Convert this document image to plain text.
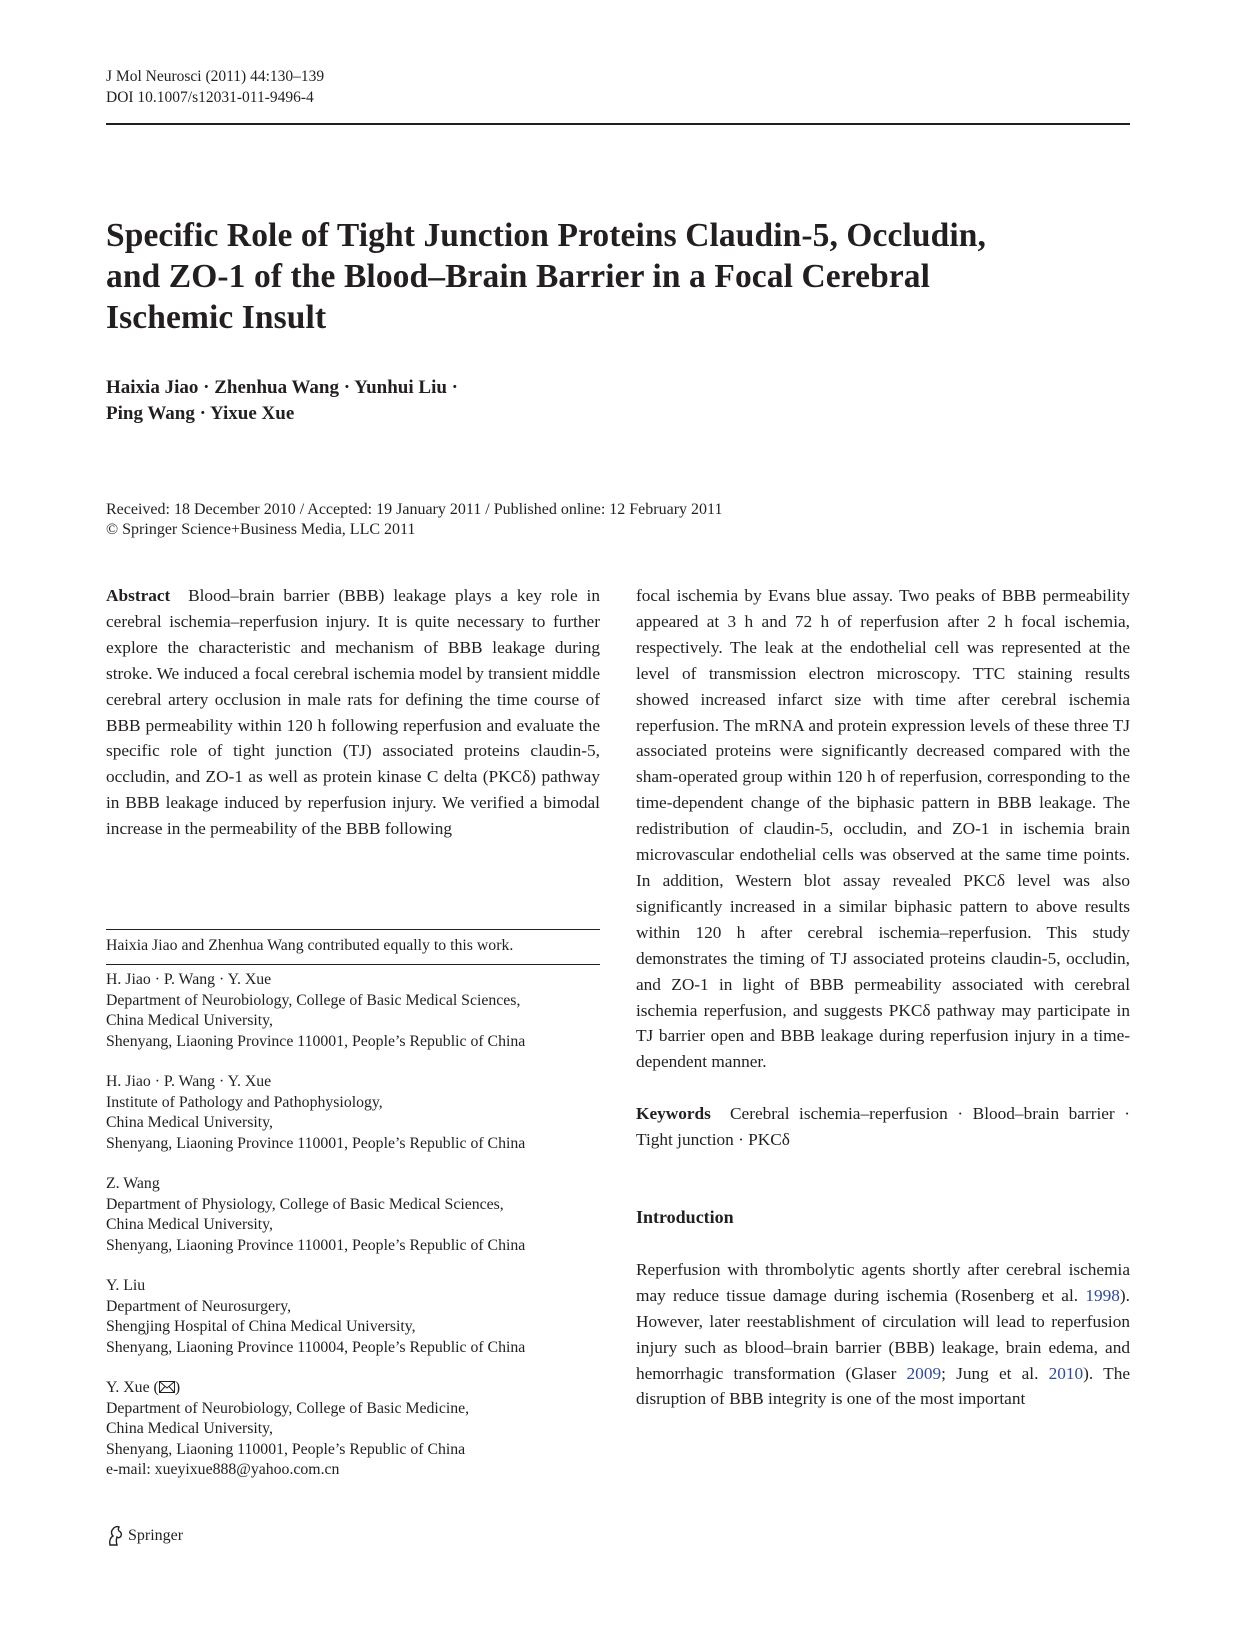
J Mol Neurosci (2011) 44:130–139
DOI 10.1007/s12031-011-9496-4
Specific Role of Tight Junction Proteins Claudin-5, Occludin,
and ZO-1 of the Blood–Brain Barrier in a Focal Cerebral
Ischemic Insult
Haixia Jiao · Zhenhua Wang · Yunhui Liu ·
Ping Wang · Yixue Xue
Received: 18 December 2010 / Accepted: 19 January 2011 / Published online: 12 February 2011
© Springer Science+Business Media, LLC 2011

Abstract Blood–brain barrier (BBB) leakage plays a key role in cerebral ischemia–reperfusion injury. It is quite necessary to further explore the characteristic and mechanism of BBB leakage during stroke. We induced a focal cerebral ischemia model by transient middle cerebral artery occlusion in male rats for defining the time course of BBB permeability within 120 h following reperfusion and evaluate the specific role of tight junction (TJ) associated proteins claudin-5, occludin, and ZO-1 as well as protein kinase C delta (PKCδ) pathway in BBB leakage induced by reperfusion injury. We verified a bimodal increase in the permeability of the BBB following

Haixia Jiao and Zhenhua Wang contributed equally to this work.
H. Jiao · P. Wang · Y. Xue
Department of Neurobiology, College of Basic Medical Sciences,
China Medical University,
Shenyang, Liaoning Province 110001, People’s Republic of China
H. Jiao · P. Wang · Y. Xue
Institute of Pathology and Pathophysiology,
China Medical University,
Shenyang, Liaoning Province 110001, People’s Republic of China
Z. Wang
Department of Physiology, College of Basic Medical Sciences,
China Medical University,
Shenyang, Liaoning Province 110001, People’s Republic of China
Y. Liu
Department of Neurosurgery,
Shengjing Hospital of China Medical University,
Shenyang, Liaoning Province 110004, People’s Republic of China
Y. Xue ( )
Department of Neurobiology, College of Basic Medicine,
China Medical University,
Shenyang, Liaoning 110001, People’s Republic of China
e-mail: xueyixue888@yahoo.com.cn

focal ischemia by Evans blue assay. Two peaks of BBB permeability appeared at 3 h and 72 h of reperfusion after 2 h focal ischemia, respectively. The leak at the endothelial cell was represented at the level of transmission electron microscopy. TTC staining results showed increased infarct size with time after cerebral ischemia reperfusion. The mRNA and protein expression levels of these three TJ associated proteins were significantly decreased compared with the sham-operated group within 120 h of reperfusion, corresponding to the time-dependent change of the biphasic pattern in BBB leakage. The redistribution of claudin-5, occludin, and ZO-1 in ischemia brain microvascular endothelial cells was observed at the same time points. In addition, Western blot assay revealed PKCδ level was also significantly increased in a similar biphasic pattern to above results within 120 h after cerebral ischemia–reperfusion. This study demonstrates the timing of TJ associated proteins claudin-5, occludin, and ZO-1 in light of BBB permeability associated with cerebral ischemia reperfusion, and suggests PKCδ pathway may participate in TJ barrier open and BBB leakage during reperfusion injury in a time-dependent manner.

Keywords Cerebral ischemia–reperfusion · Blood–brain barrier · Tight junction · PKCδ

Introduction

Reperfusion with thrombolytic agents shortly after cerebral ischemia may reduce tissue damage during ischemia (Rosenberg et al. 1998). However, later reestablishment of circulation will lead to reperfusion injury such as blood–brain barrier (BBB) leakage, brain edema, and hemorrhagic transformation (Glaser 2009; Jung et al. 2010). The disruption of BBB integrity is one of the most important

Springer
